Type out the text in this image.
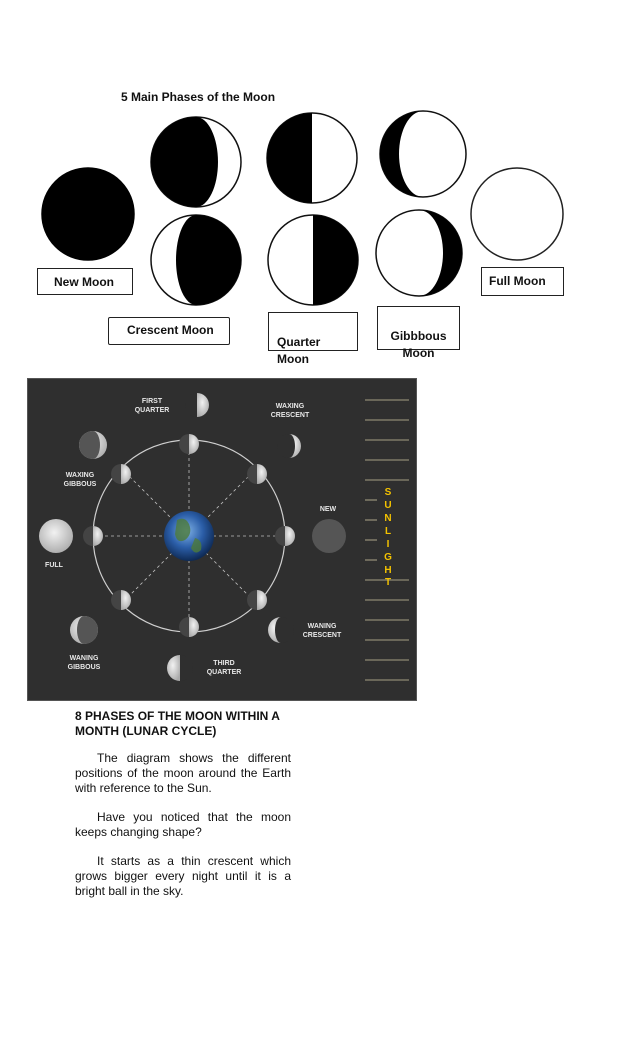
5 Main Phases of the Moon
New Moon
Crescent Moon

Quarter
Moon

Gibbbous
Moon

Full Moon
FIRST
QUARTER
WAXING
CRESCENT
WAXING
GIBBOUS
NEW
FULL
WANING
GIBBOUS
WANING
CRESCENT
THIRD
QUARTER
S
U
N
L
I
G
H
T
8 PHASES OF THE MOON WITHIN A MONTH (LUNAR CYCLE)

The diagram shows the different positions of the moon around the Earth with reference to the Sun.

Have you noticed that the moon keeps changing shape?

It starts as a thin crescent which grows bigger every night until it is a bright ball in the sky.
